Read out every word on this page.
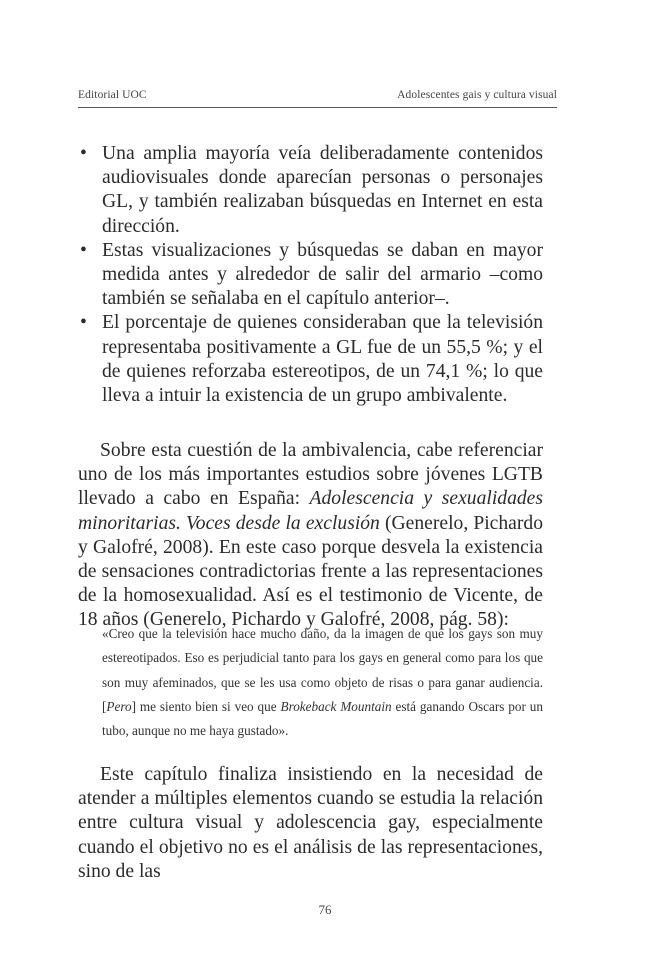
Editorial UOC	Adolescentes gais y cultura visual
• Una amplia mayoría veía deliberadamente contenidos audiovisuales donde aparecían personas o personajes GL, y también realizaban búsquedas en Internet en esta dirección.
• Estas visualizaciones y búsquedas se daban en mayor medida antes y alrededor de salir del armario –como también se señalaba en el capítulo anterior–.
• El porcentaje de quienes consideraban que la televisión representaba positivamente a GL fue de un 55,5 %; y el de quienes reforzaba estereotipos, de un 74,1 %; lo que lleva a intuir la existencia de un grupo ambivalente.

Sobre esta cuestión de la ambivalencia, cabe referenciar uno de los más importantes estudios sobre jóvenes LGTB llevado a cabo en España: Adolescencia y sexualidades minoritarias. Voces desde la exclusión (Generelo, Pichardo y Galofré, 2008). En este caso porque desvela la existencia de sensaciones contradictorias frente a las representaciones de la homosexualidad. Así es el testimonio de Vicente, de 18 años (Generelo, Pichardo y Galofré, 2008, pág. 58):

«Creo que la televisión hace mucho daño, da la imagen de que los gays son muy estereotipados. Eso es perjudicial tanto para los gays en general como para los que son muy afeminados, que se les usa como objeto de risas o para ganar audiencia. [Pero] me siento bien si veo que Brokeback Mountain está ganando Oscars por un tubo, aunque no me haya gustado».

Este capítulo finaliza insistiendo en la necesidad de atender a múltiples elementos cuando se estudia la relación entre cultura visual y adolescencia gay, especialmente cuando el objetivo no es el análisis de las representaciones, sino de las

76
